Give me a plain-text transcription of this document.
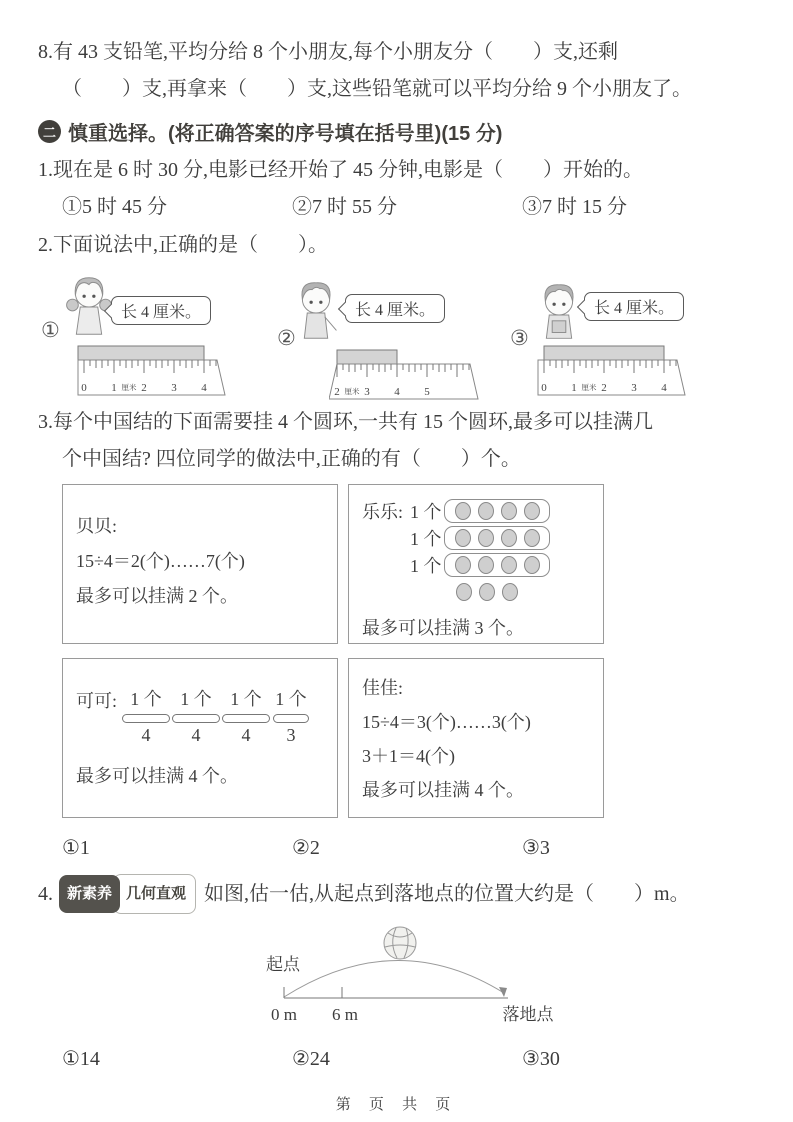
8.有 43 支铅笔,平均分给 8 个小朋友,每个小朋友分（　　）支,还剩

（　　）支,再拿来（　　）支,这些铅笔就可以平均分给 9 个小朋友了。

二 慎重选择。(将正确答案的序号填在括号里)(15 分)

1.现在是 6 时 30 分,电影已经开始了 45 分钟,电影是（　　）开始的。

①5 时 45 分	②7 时 55 分	③7 时 15 分

2.下面说法中,正确的是（　　）。

①
长 4 厘米。
0 1 厘米 2 3 4
②
长 4 厘米。
2 厘米 3 4 5
③
长 4 厘米。
0 1 厘米 2 3 4

3.每个中国结的下面需要挂 4 个圆环,一共有 15 个圆环,最多可以挂满几

个中国结? 四位同学的做法中,正确的有（　　）个。

贝贝:

15÷4＝2(个)……7(个)

最多可以挂满 2 个。

乐乐: 1 个
1 个
1 个

最多可以挂满 3 个。

可可: 1 个
4
1 个
4
1 个
4
1 个
3

最多可以挂满 4 个。

佳佳:

15÷4＝3(个)……3(个)

3＋1＝4(个)

最多可以挂满 4 个。

①1	②2	③3
4. 新素养 几何直观 如图,估一估,从起点到落地点的位置大约是（　　）m。
起点
0 m 6 m	落地点
①14	②24	③30
第 页 共 页
